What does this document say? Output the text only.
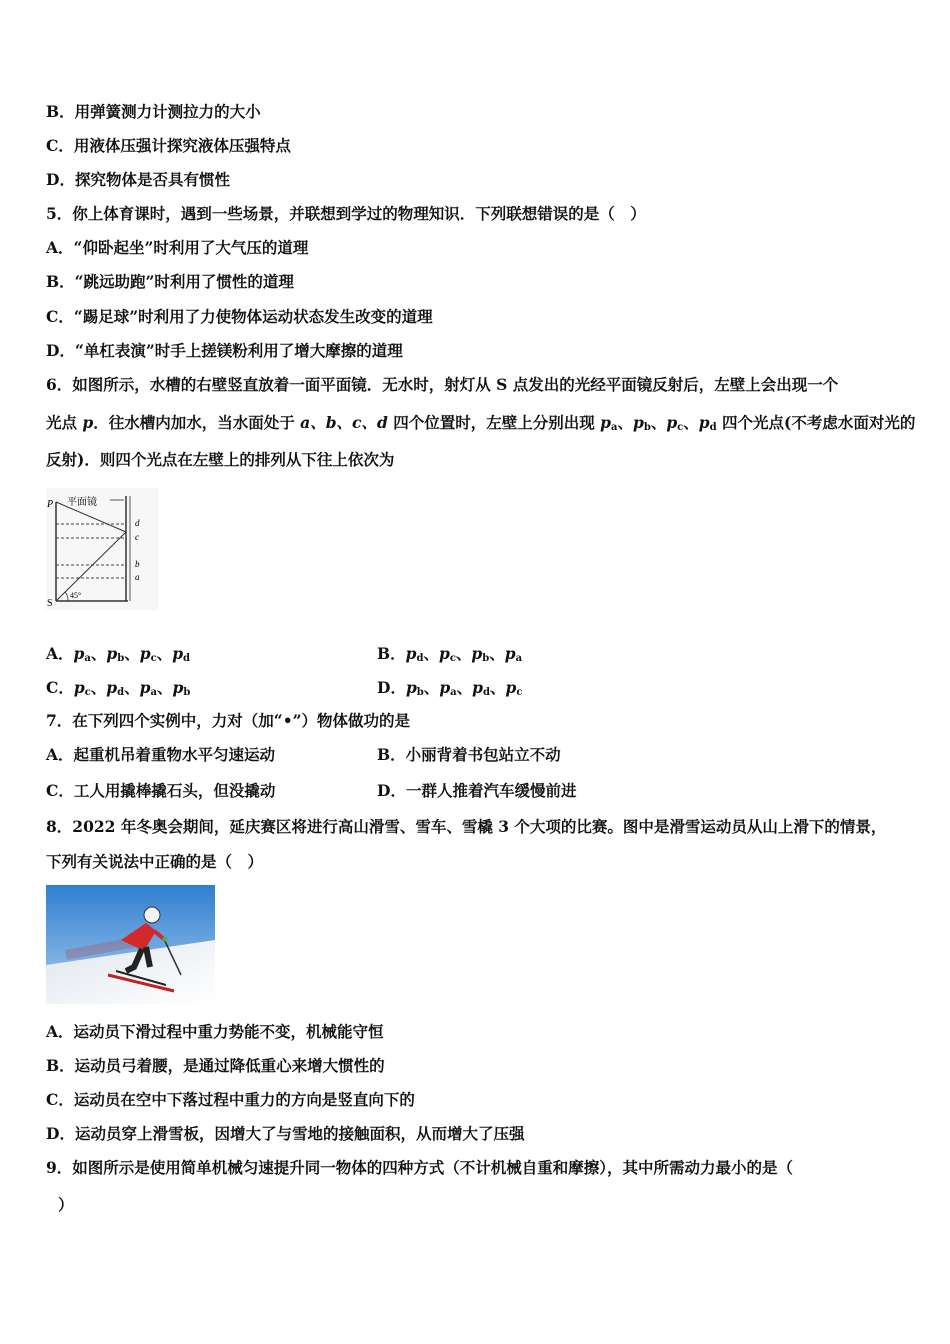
B．用弹簧测力计测拉力的大小
C．用液体压强计探究液体压强特点
D．探究物体是否具有惯性
5．你上体育课时，遇到一些场景，并联想到学过的物理知识．下列联想错误的是（　）
A．“仰卧起坐”时利用了大气压的道理
B．“跳远助跑”时利用了惯性的道理
C．“踢足球”时利用了力使物体运动状态发生改变的道理
D．“单杠表演”时手上搓镁粉利用了增大摩擦的道理
6．如图所示，水槽的右壁竖直放着一面平面镜．无水时，射灯从 S 点发出的光经平面镜反射后，左壁上会出现一个
光点 p．往水槽内加水，当水面处于 a、b、c、d 四个位置时，左壁上分别出现 $p_a$、$p_b$、$p_c$、$p_d$ 四个光点(不考虑水面对光的
反射)．则四个光点在左壁上的排列从下往上依次为
P 平面镜
d
c
b
a
S
45°
A．$p_a$、$p_b$、$p_c$、$p_d$	B．$p_d$、$p_c$、$p_b$、$p_a$
C．$p_c$、$p_d$、$p_a$、$p_b$	D．$p_b$、$p_a$、$p_d$、$p_c$
7．在下列四个实例中，力对（加“•”）物体做功的是
A．起重机吊着重物水平匀速运动	B．小丽背着书包站立不动
C．工人用撬棒撬石头，但没撬动	D．一群人推着汽车缓慢前进
8．2022 年冬奥会期间，延庆赛区将进行高山滑雪、雪车、雪橇 3 个大项的比赛。图中是滑雪运动员从山上滑下的情景，
下列有关说法中正确的是（　）
A．运动员下滑过程中重力势能不变，机械能守恒
B．运动员弓着腰，是通过降低重心来增大惯性的
C．运动员在空中下落过程中重力的方向是竖直向下的
D．运动员穿上滑雪板，因增大了与雪地的接触面积，从而增大了压强
9．如图所示是使用简单机械匀速提升同一物体的四种方式（不计机械自重和摩擦），其中所需动力最小的是（
）
